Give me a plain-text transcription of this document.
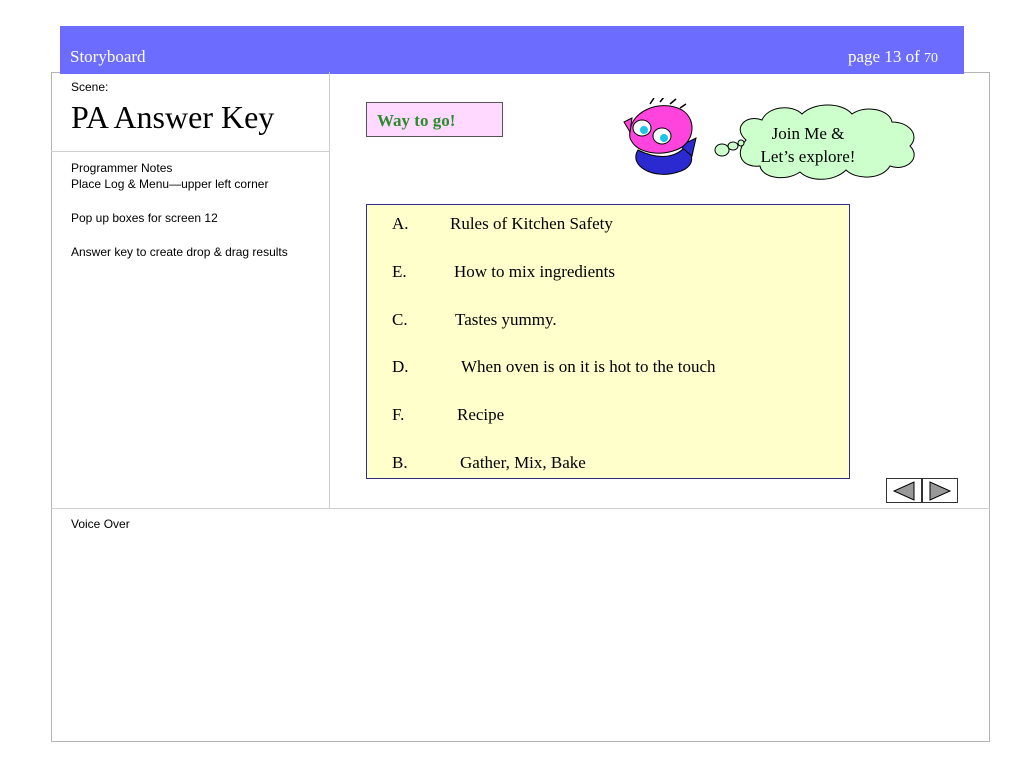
Storyboard	page 13 of 70
Scene:
PA Answer Key

Programmer Notes
Place Log & Menu—upper left corner

Pop up boxes for screen 12

Answer key to create drop & drag results

Voice Over
Way to go!
Join Me &
Let’s explore!
A. Rules of Kitchen Safety
E.	How to mix ingredients
C.	Tastes yummy.
D.	When oven is on it is hot to the touch
F.	Recipe
B.	Gather, Mix, Bake
